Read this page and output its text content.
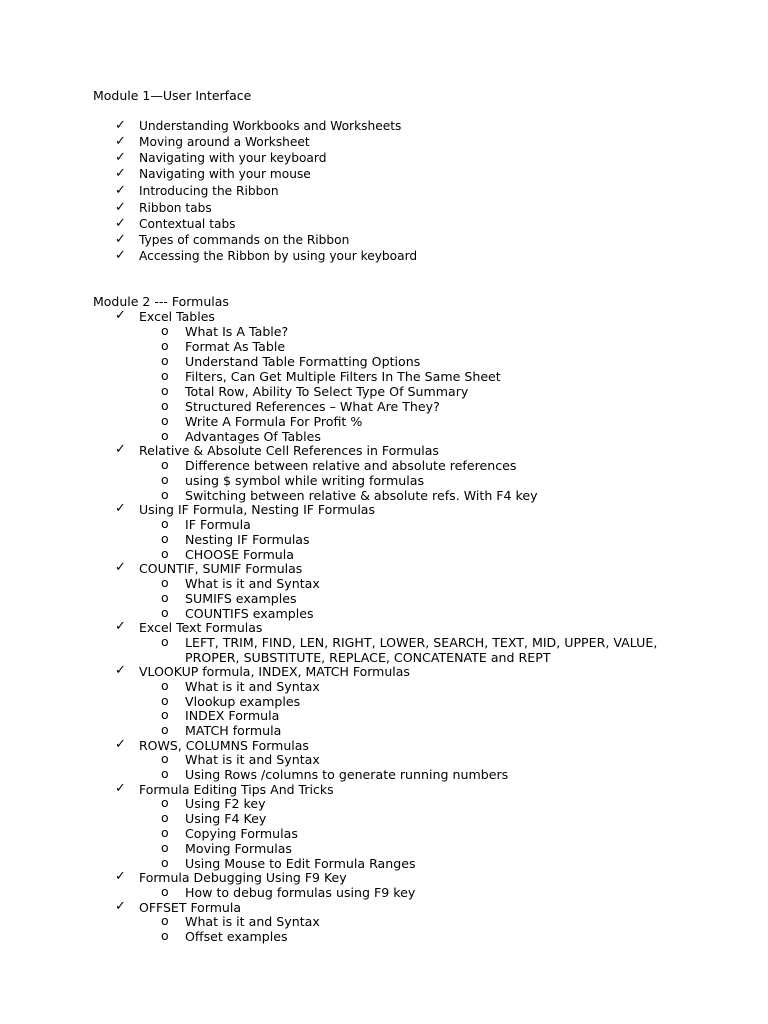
Module 1—User Interface
✓ Understanding Workbooks and Worksheets
✓ Moving around a Worksheet
✓ Navigating with your keyboard
✓ Navigating with your mouse
✓ Introducing the Ribbon
✓ Ribbon tabs
✓ Contextual tabs
✓ Types of commands on the Ribbon
✓ Accessing the Ribbon by using your keyboard
Module 2 --- Formulas
✓ Excel Tables
o What Is A Table?
o Format As Table
o Understand Table Formatting Options
o Filters, Can Get Multiple Filters In The Same Sheet
o Total Row, Ability To Select Type Of Summary
o Structured References – What Are They?
o Write A Formula For Profit %
o Advantages Of Tables
✓ Relative & Absolute Cell References in Formulas
o Difference between relative and absolute references
o using $ symbol while writing formulas
o Switching between relative & absolute refs. With F4 key
✓ Using IF Formula, Nesting IF Formulas
o IF Formula
o Nesting IF Formulas
o CHOOSE Formula
✓ COUNTIF, SUMIF Formulas
o What is it and Syntax
o SUMIFS examples
o COUNTIFS examples
✓ Excel Text Formulas
o LEFT, TRIM, FIND, LEN, RIGHT, LOWER, SEARCH, TEXT, MID, UPPER, VALUE,
PROPER, SUBSTITUTE, REPLACE, CONCATENATE and REPT
✓ VLOOKUP formula, INDEX, MATCH Formulas
o What is it and Syntax
o Vlookup examples
o INDEX Formula
o MATCH formula
✓ ROWS, COLUMNS Formulas
o What is it and Syntax
o Using Rows /columns to generate running numbers
✓ Formula Editing Tips And Tricks
o Using F2 key
o Using F4 Key
o Copying Formulas
o Moving Formulas
o Using Mouse to Edit Formula Ranges
✓ Formula Debugging Using F9 Key
o How to debug formulas using F9 key
✓ OFFSET Formula
o What is it and Syntax
o Offset examples
